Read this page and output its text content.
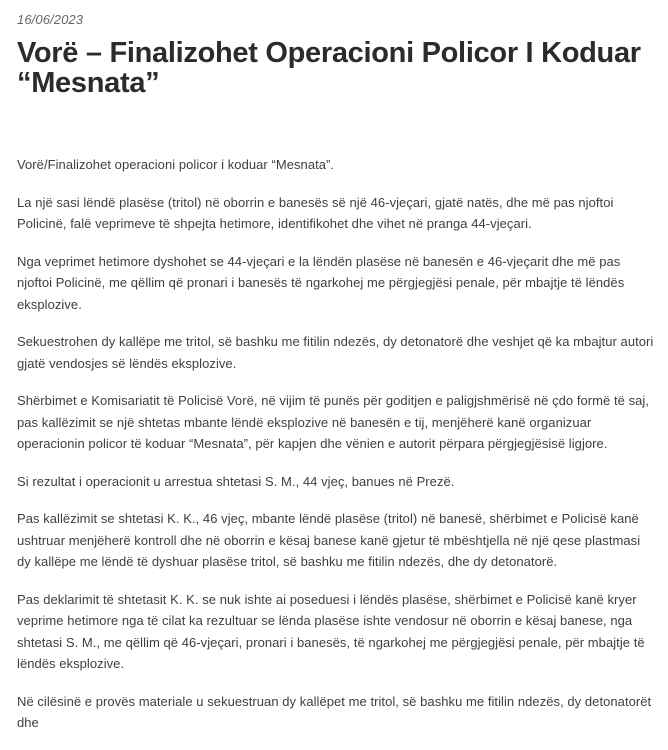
16/06/2023
Vorë – Finalizohet Operacioni Policor I Koduar “Mesnata”

Vorë/Finalizohet operacioni policor i koduar “Mesnata”.

La një sasi lëndë plasëse (tritol) në oborrin e banesës së një 46-vjeçari, gjatë natës, dhe më pas njoftoi Policinë, falë veprimeve të shpejta hetimore, identifikohet dhe vihet në pranga 44-vjeçari.

Nga veprimet hetimore dyshohet se 44-vjeçari e la lëndën plasëse në banesën e 46-vjeçarit dhe më pas njoftoi Policinë, me qëllim që pronari i banesës të ngarkohej me përgjegjësi penale, për mbajtje të lëndës eksplozive.

Sekuestrohen dy kallëpe me tritol, së bashku me fitilin ndezës, dy detonatorë dhe veshjet që ka mbajtur autori gjatë vendosjes së lëndës eksplozive.

Shërbimet e Komisariatit të Policisë Vorë, në vijim të punës për goditjen e paligjshmërisë në çdo formë të saj, pas kallëzimit se një shtetas mbante lëndë eksplozive në banesën e tij, menjëherë kanë organizuar operacionin policor të koduar “Mesnata”, për kapjen dhe vënien e autorit përpara përgjegjësisë ligjore.

Si rezultat i operacionit u arrestua shtetasi S. M., 44 vjeç, banues në Prezë.

Pas kallëzimit se shtetasi K. K., 46 vjeç, mbante lëndë plasëse (tritol) në banesë, shërbimet e Policisë kanë ushtruar menjëherë kontroll dhe në oborrin e kësaj banese kanë gjetur të mbështjella në një qese plastmasi dy kallëpe me lëndë të dyshuar plasëse tritol, së bashku me fitilin ndezës, dhe dy detonatorë.

Pas deklarimit të shtetasit K. K. se nuk ishte ai poseduesi i lëndës plasëse, shërbimet e Policisë kanë kryer veprime hetimore nga të cilat ka rezultuar se lënda plasëse ishte vendosur në oborrin e kësaj banese, nga shtetasi S. M., me qëllim që 46-vjeçari, pronari i banesës, të ngarkohej me përgjegjësi penale, për mbajtje të lëndës eksplozive.

Në cilësinë e provës materiale u sekuestruan dy kallëpet me tritol, së bashku me fitilin ndezës, dy detonatorët dhe
